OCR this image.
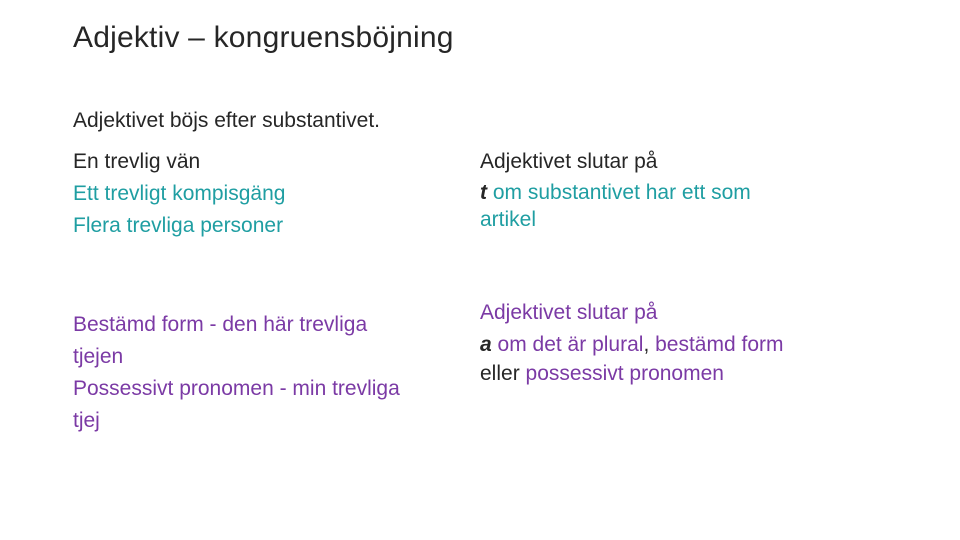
Adjektiv – kongruensböjning
Adjektivet böjs efter substantivet.
En trevlig vän
Ett trevligt kompisgäng
Flera trevliga personer
Adjektivet slutar på
t om substantivet har ett som
artikel
Bestämd form - den här trevliga
tjejen
Possessivt pronomen - min trevliga
tjej
Adjektivet slutar på
a om det är plural, bestämd form
eller possessivt pronomen
